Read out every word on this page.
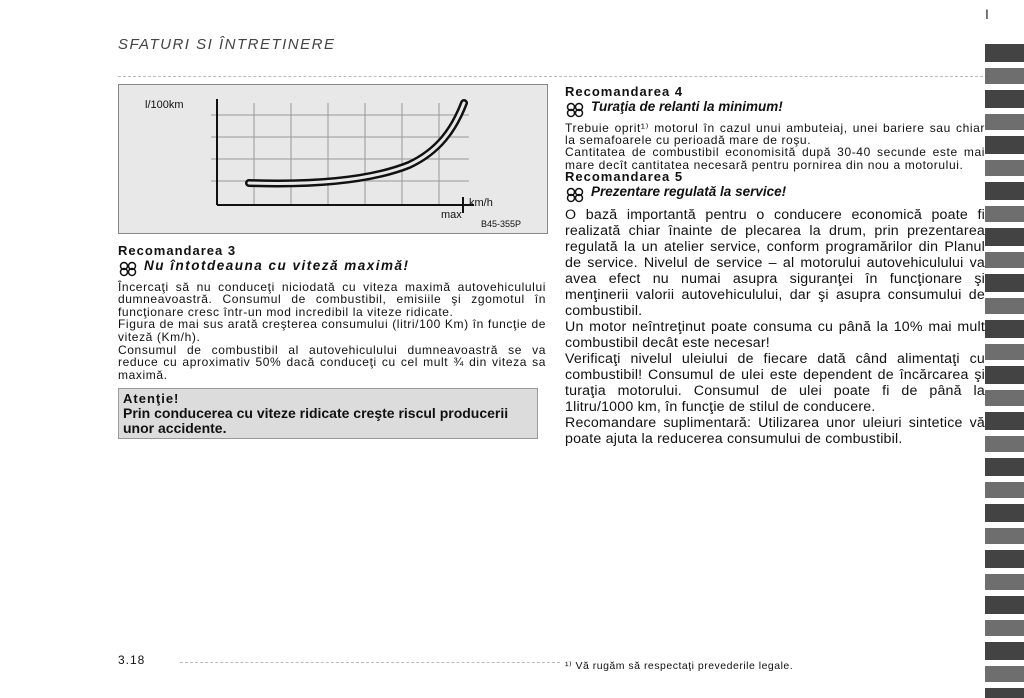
SFATURI SI ÎNTRETINERE
I
l/100km
km/h
max
B45-355P
Recomandarea 3
Nu întotdeauna cu viteză maximă!

Încercaţi să nu conduceţi niciodată cu viteza maximă autovehiculului dumneavoastră. Consumul de combustibil, emisiile şi zgomotul în funcţionare cresc într-un mod incredibil la viteze ridicate.

Figura de mai sus arată creşterea consumului (litri/100 Km) în funcţie de viteză (Km/h).

Consumul de combustibil al autovehiculului dumneavoastră se va reduce cu aproximativ 50% dacă conduceţi cu cel mult ¾ din viteza sa maximă.

Atenţie!
Prin conducerea cu viteze ridicate creşte riscul producerii unor accidente.
Recomandarea 4
Turaţia de relanti la minimum!

Trebuie oprit¹⁾ motorul în cazul unui ambuteiaj, unei bariere sau chiar la semafoarele cu perioadă mare de roşu.

Cantitatea de combustibil economisită după 30-40 secunde este mai mare decît cantitatea necesară pentru pornirea din nou a motorului.

Recomandarea 5
Prezentare regulată la service!

O bază importantă pentru o conducere economică poate fi realizată chiar înainte de plecarea la drum, prin prezentarea regulată la un atelier service, conform programărilor din Planul de service. Nivelul de service – al motorului autovehiculului va avea efect nu numai asupra siguranţei în funcţionare şi menţinerii valorii autovehiculului, dar şi asupra consumului de combustibil.

Un motor neîntreţinut poate consuma cu până la 10% mai mult combustibil decât este necesar!

Verificaţi nivelul uleiului de fiecare dată când alimentaţi cu combustibil! Consumul de ulei este dependent de încărcarea şi turaţia motorului. Consumul de ulei poate fi de până la 1litru/1000 km, în funcţie de stilul de conducere.

Recomandare suplimentară: Utilizarea unor uleiuri sintetice vă poate ajuta la reducerea consumului de combustibil.

3.18	¹⁾ Vă rugăm să respectaţi prevederile legale.
